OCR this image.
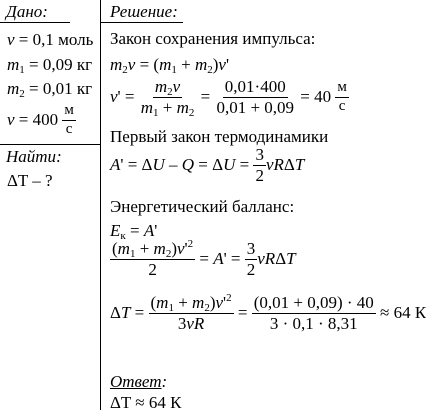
Дано:
ν = 0,1 моль
$m_1 = 0,09$ кг
$m_2 = 0,01$ кг
$v = 400 \frac{м}{с}$
Найти:
ΔT – ?
Решение:
Закон сохранения импульса:
$m_2v = (m_1 + m_2)v'$
$v' = \frac{m_2v}{m_1 + m_2} = \frac{0,01\cdot 400}{0,01 + 0,09} = 40 \frac{м}{с}$
Первый закон термодинамики
$A' = \Delta U - Q = \Delta U = \frac{3}{2}$ νRΔT
Энергетический балланс:
$E_к = A'$
$\frac{(m_1 + m_2)v'^2}{2} = A' = \frac{3}{2}$ νRΔT
$\Delta T = \frac{(m_1 + m_2)v'^2}{3\nu R} = \frac{(0,01 + 0,09) \cdot 40}{3 \cdot 0,1 \cdot 8,31} \approx 64$ К
Ответ:
ΔT ≈ 64 К
